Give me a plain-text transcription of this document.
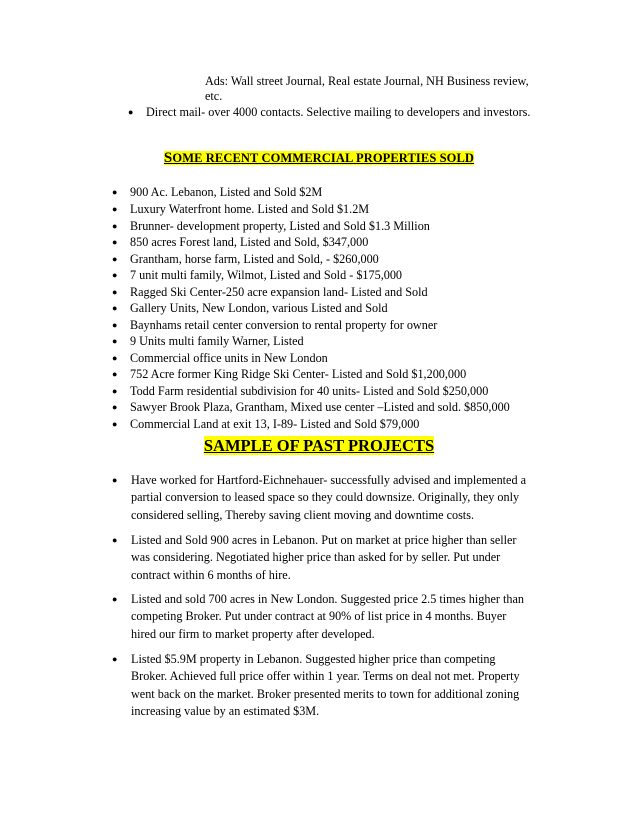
Ads: Wall street Journal, Real estate Journal, NH Business review,
etc.
● Direct mail- over 4000 contacts. Selective mailing to developers and investors.
SOME RECENT COMMERCIAL PROPERTIES SOLD
● 900 Ac. Lebanon, Listed and Sold $2M
● Luxury Waterfront home. Listed and Sold $1.2M
● Brunner- development property, Listed and Sold $1.3 Million
● 850 acres Forest land, Listed and Sold, $347,000
● Grantham, horse farm, Listed and Sold, - $260,000
● 7 unit multi family, Wilmot, Listed and Sold - $175,000
● Ragged Ski Center-250 acre expansion land- Listed and Sold
● Gallery Units, New London, various Listed and Sold
● Baynhams retail center conversion to rental property for owner
● 9 Units multi family Warner, Listed
● Commercial office units in New London
● 752 Acre former King Ridge Ski Center- Listed and Sold $1,200,000
● Todd Farm residential subdivision for 40 units- Listed and Sold $250,000
● Sawyer Brook Plaza, Grantham, Mixed use center –Listed and sold. $850,000
● Commercial Land at exit 13, I-89- Listed and Sold $79,000
SAMPLE OF PAST PROJECTS
● Have worked for Hartford-Eichnehauer- successfully advised and implemented a
partial conversion to leased space so they could downsize. Originally, they only
considered selling, Thereby saving client moving and downtime costs.
● Listed and Sold 900 acres in Lebanon. Put on market at price higher than seller
was considering. Negotiated higher price than asked for by seller. Put under
contract within 6 months of hire.
● Listed and sold 700 acres in New London. Suggested price 2.5 times higher than
competing Broker. Put under contract at 90% of list price in 4 months. Buyer
hired our firm to market property after developed.
● Listed $5.9M property in Lebanon. Suggested higher price than competing
Broker. Achieved full price offer within 1 year. Terms on deal not met. Property
went back on the market. Broker presented merits to town for additional zoning
increasing value by an estimated $3M.
